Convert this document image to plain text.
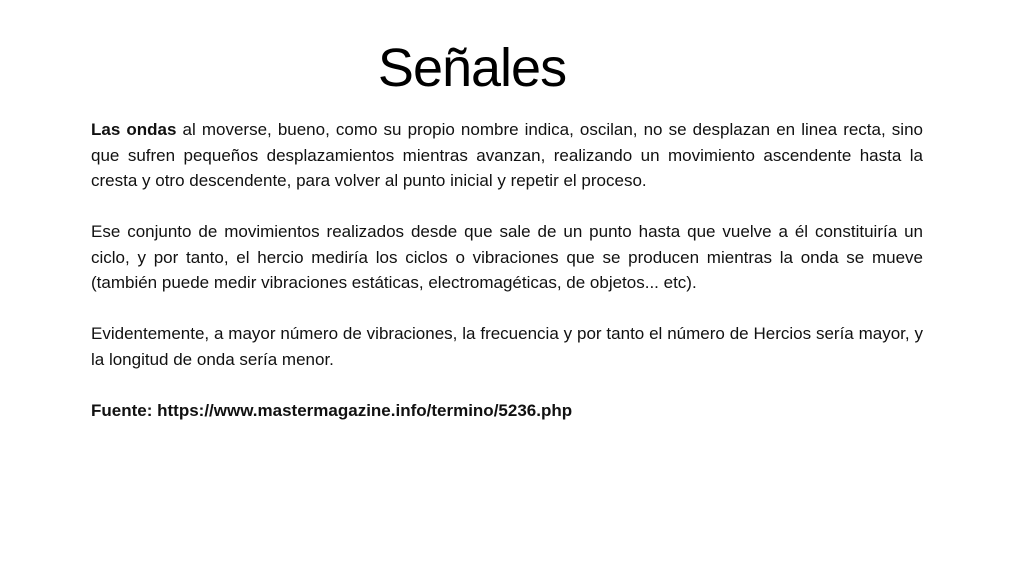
Señales

Las ondas al moverse, bueno, como su propio nombre indica, oscilan, no se desplazan en linea recta, sino que sufren pequeños desplazamientos mientras avanzan, realizando un movimiento ascendente hasta la cresta y otro descendente, para volver al punto inicial y repetir el proceso.

Ese conjunto de movimientos realizados desde que sale de un punto hasta que vuelve a él constituiría un ciclo, y por tanto, el hercio mediría los ciclos o vibraciones que se producen mientras la onda se mueve (también puede medir vibraciones estáticas, electromagéticas, de objetos... etc).

Evidentemente, a mayor número de vibraciones, la frecuencia y por tanto el número de Hercios sería mayor, y la longitud de onda sería menor.

Fuente: https://www.mastermagazine.info/termino/5236.php
